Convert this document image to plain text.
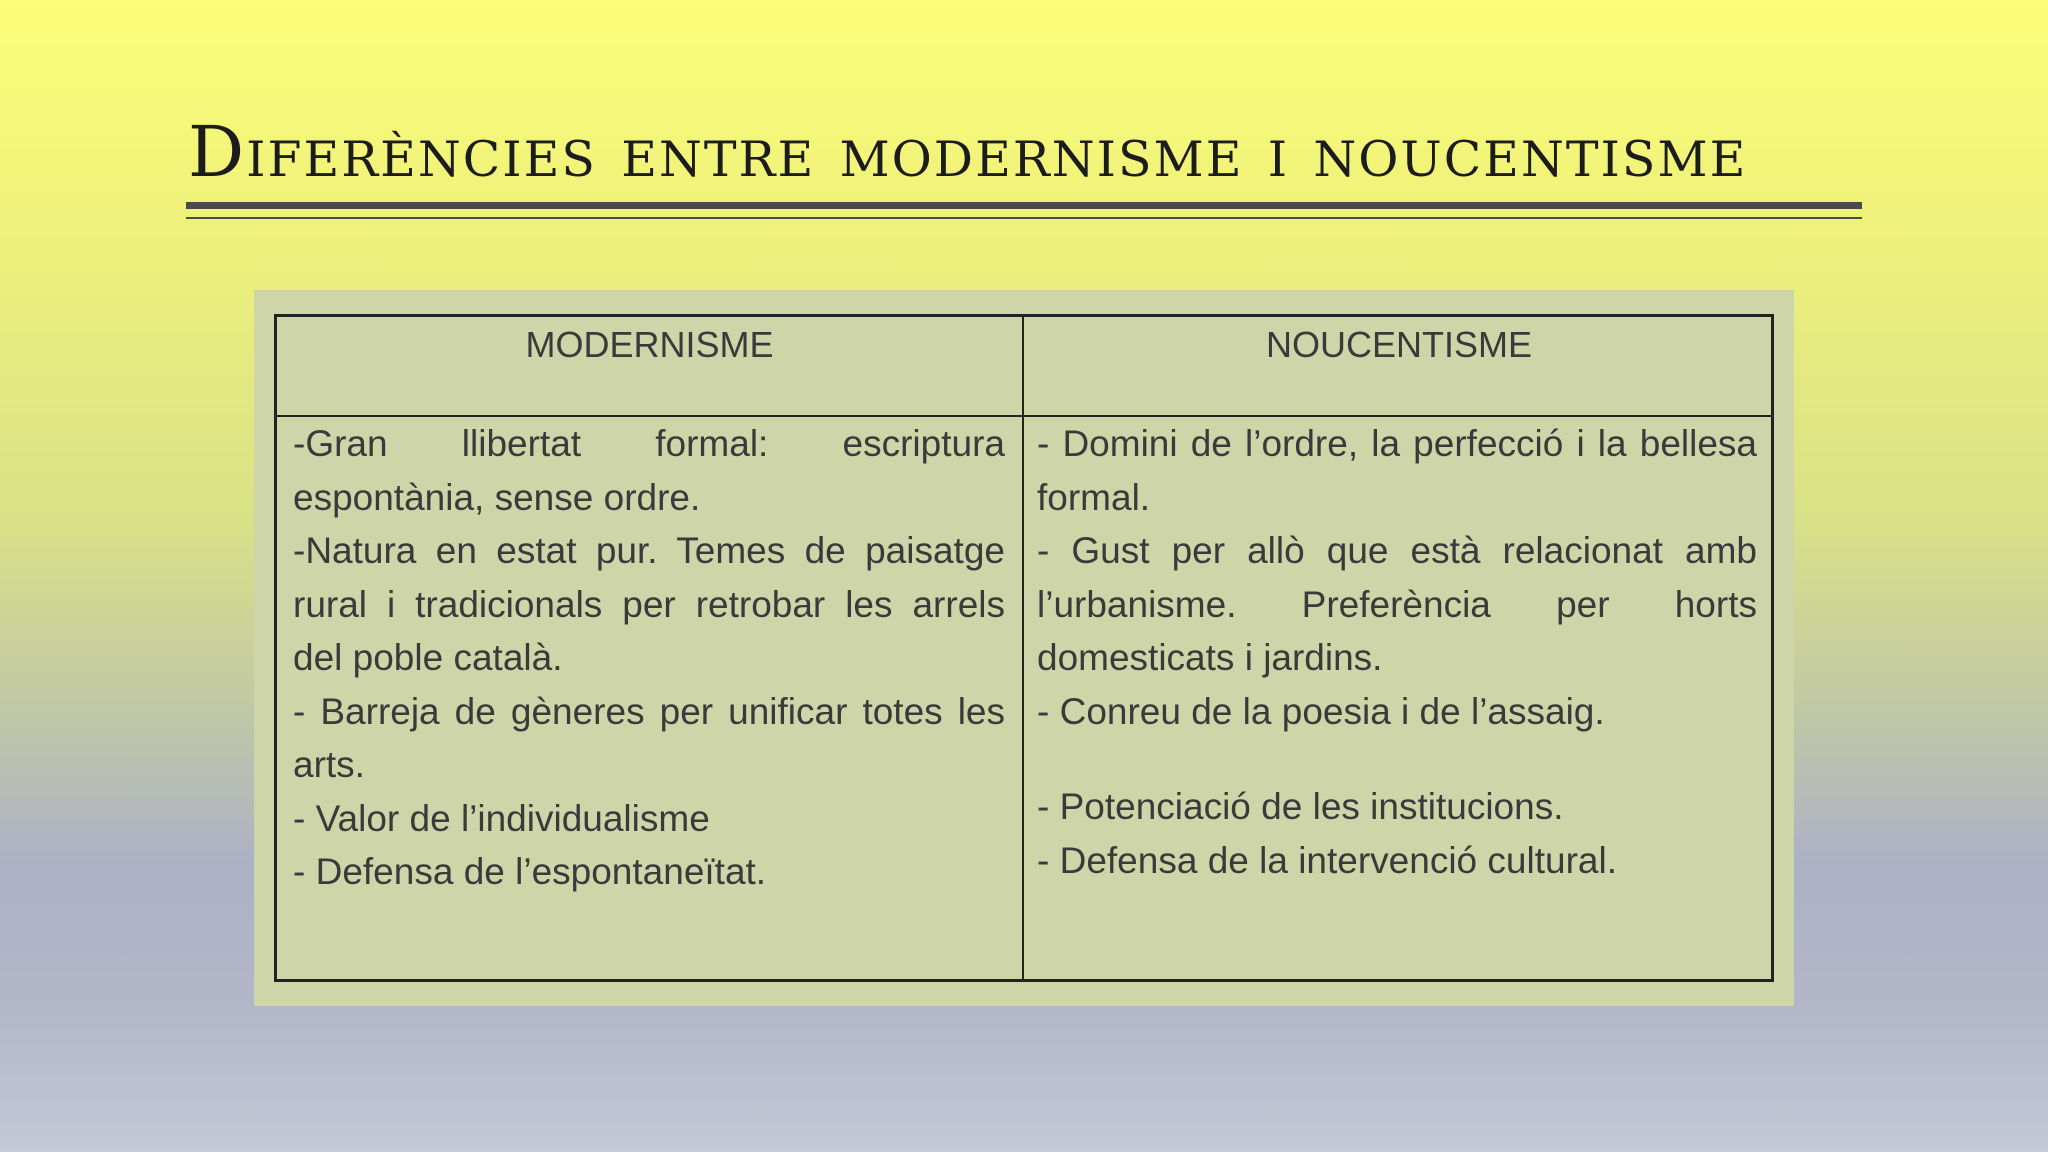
Diferències entre modernisme i noucentisme
MODERNISME	NOUCENTISME
-Gran llibertat formal: escriptura espontània, sense ordre.
-Natura en estat pur. Temes de paisatge rural i tradicionals per retrobar les arrels del poble català.
- Barreja de gèneres per unificar totes les arts.
- Valor de l’individualisme
- Defensa de l’espontaneïtat.
- Domini de l’ordre, la perfecció i la bellesa formal.
- Gust per allò que està relacionat amb l’urbanisme. Preferència per horts domesticats i jardins.
- Conreu de la poesia i de l’assaig.
- Potenciació de les institucions.
- Defensa de la intervenció cultural.
